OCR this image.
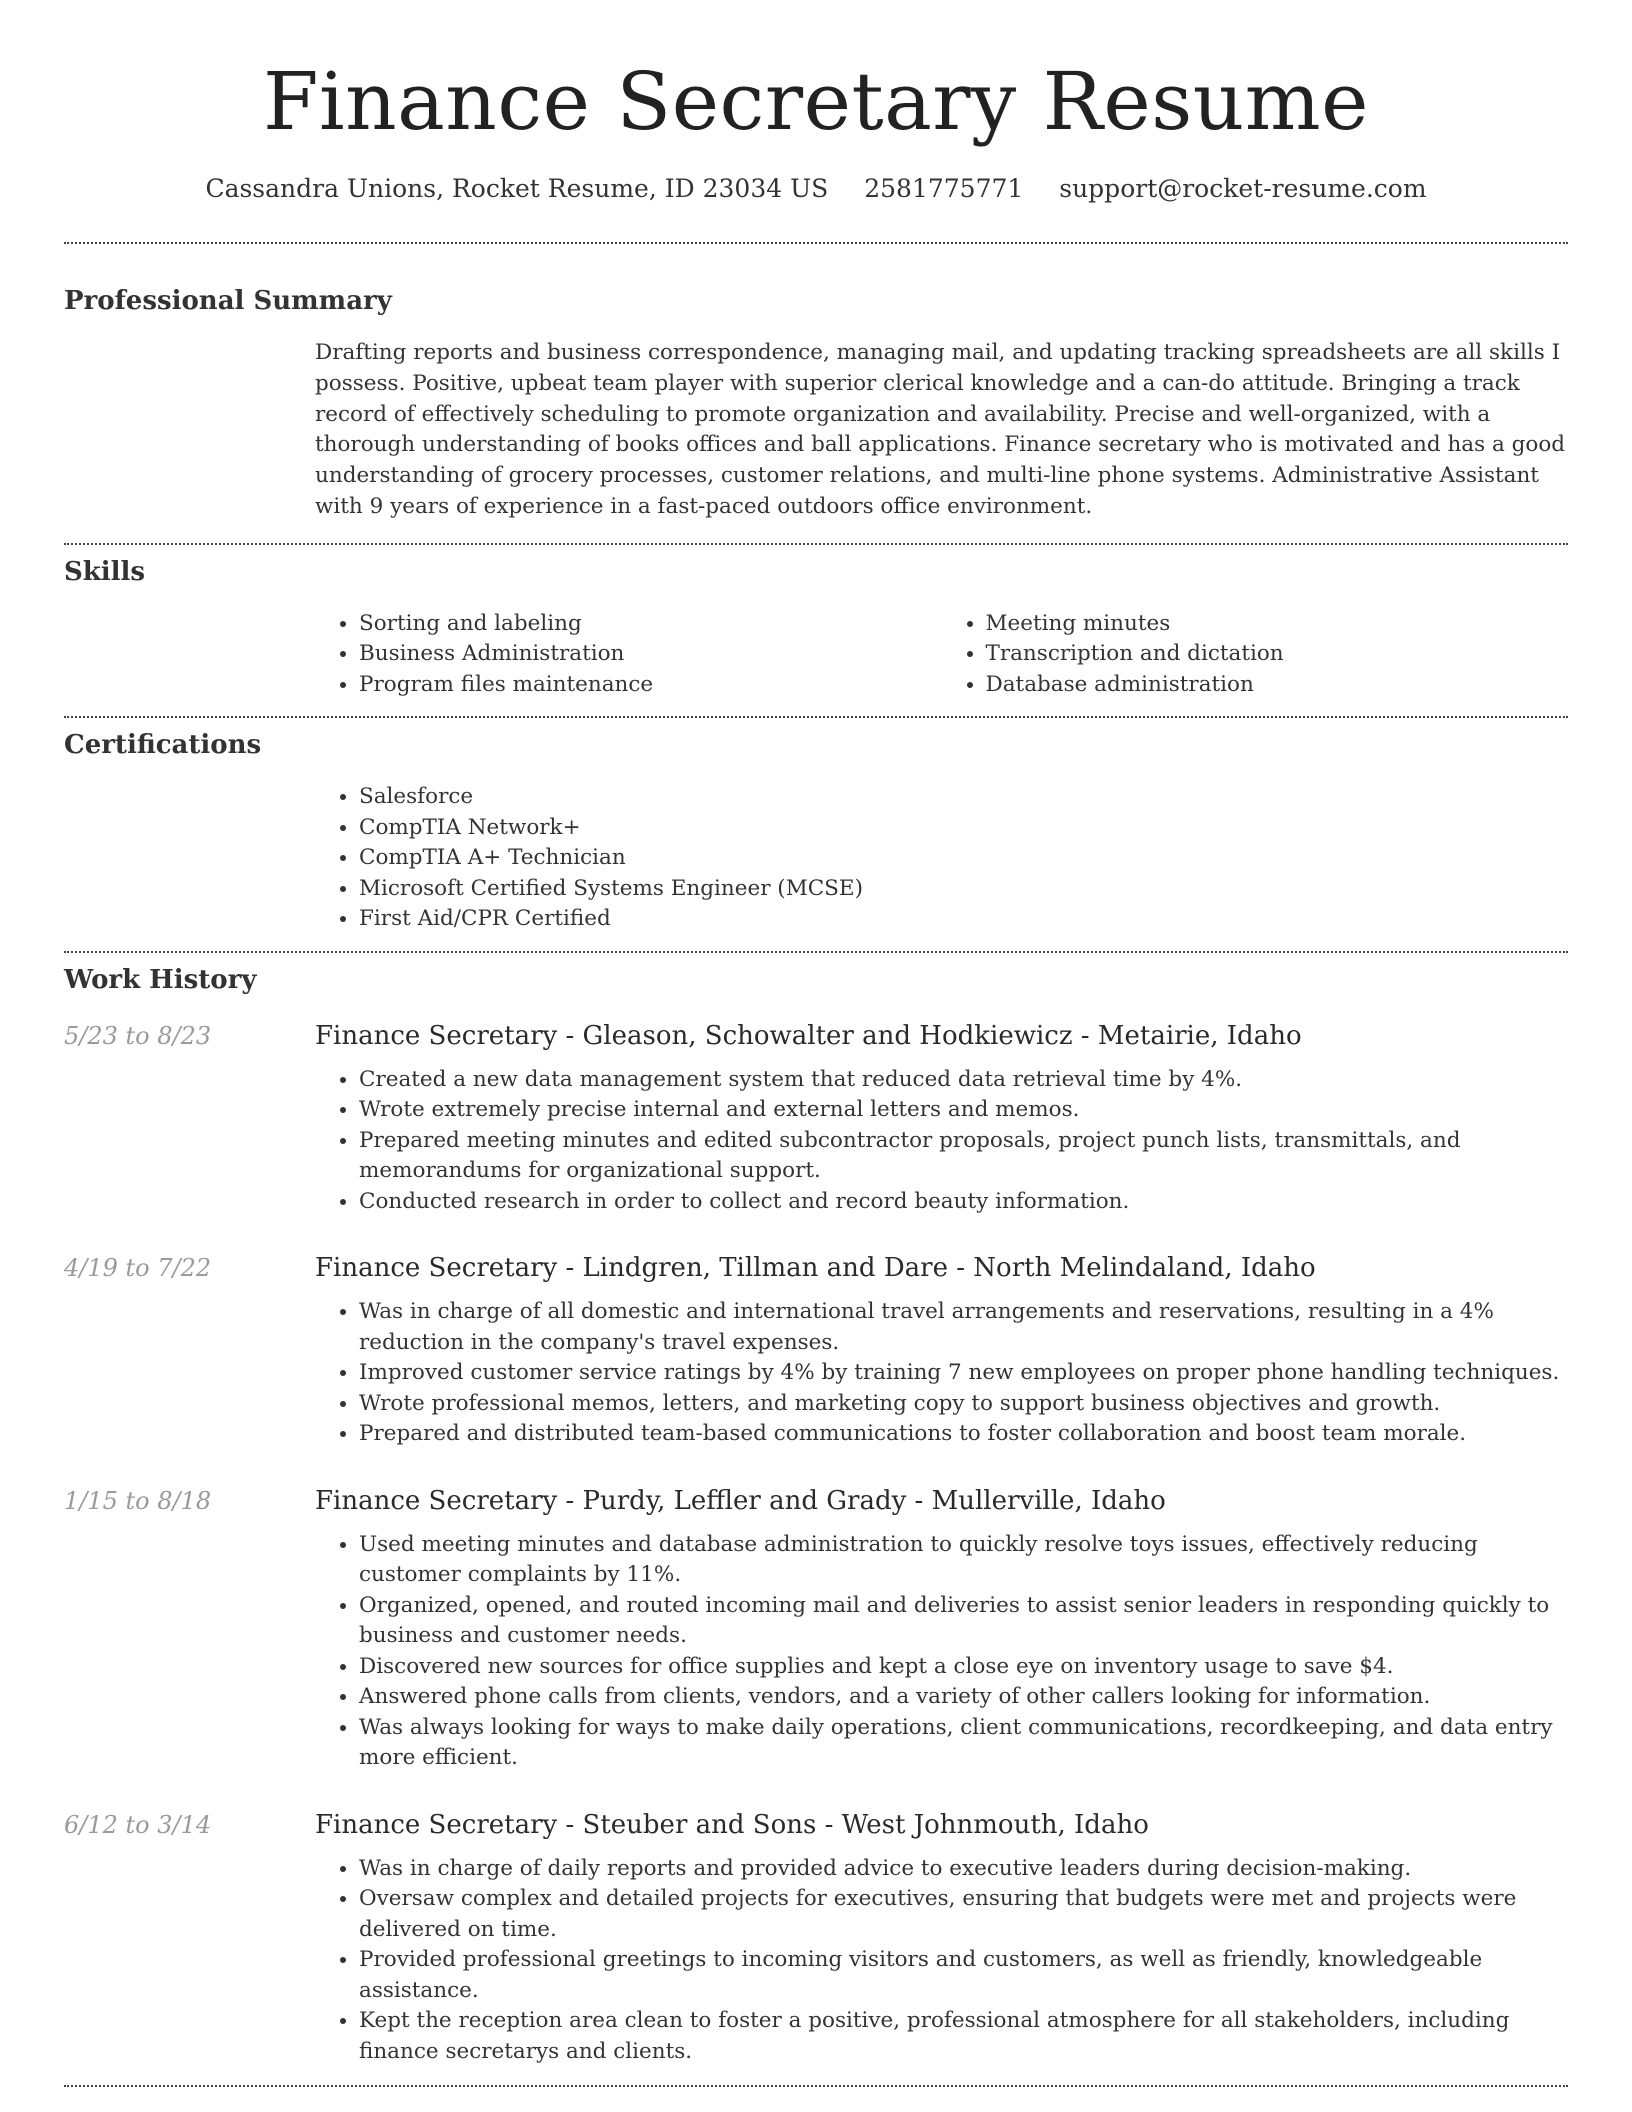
Finance Secretary Resume
Cassandra Unions, Rocket Resume, ID 23034 US 2581775771 support@rocket-resume.com
Professional Summary

Drafting reports and business correspondence, managing mail, and updating tracking spreadsheets are all skills I possess. Positive, upbeat team player with superior clerical knowledge and a can-do attitude. Bringing a track record of effectively scheduling to promote organization and availability. Precise and well-organized, with a thorough understanding of books offices and ball applications. Finance secretary who is motivated and has a good understanding of grocery processes, customer relations, and multi-line phone systems. Administrative Assistant with 9 years of experience in a fast-paced outdoors office environment.

Skills
• Sorting and labeling
• Business Administration
• Program files maintenance
• Meeting minutes
• Transcription and dictation
• Database administration
Certifications
• Salesforce
• CompTIA Network+
• CompTIA A+ Technician
• Microsoft Certified Systems Engineer (MCSE)
• First Aid/CPR Certified
Work History
5/23 to 8/23	Finance Secretary - Gleason, Schowalter and Hodkiewicz - Metairie, Idaho
• Created a new data management system that reduced data retrieval time by 4%.
• Wrote extremely precise internal and external letters and memos.
• Prepared meeting minutes and edited subcontractor proposals, project punch lists, transmittals, and memorandums for organizational support.
• Conducted research in order to collect and record beauty information.
4/19 to 7/22	Finance Secretary - Lindgren, Tillman and Dare - North Melindaland, Idaho
• Was in charge of all domestic and international travel arrangements and reservations, resulting in a 4% reduction in the company's travel expenses.
• Improved customer service ratings by 4% by training 7 new employees on proper phone handling techniques.
• Wrote professional memos, letters, and marketing copy to support business objectives and growth.
• Prepared and distributed team-based communications to foster collaboration and boost team morale.
1/15 to 8/18	Finance Secretary - Purdy, Leffler and Grady - Mullerville, Idaho
• Used meeting minutes and database administration to quickly resolve toys issues, effectively reducing customer complaints by 11%.
• Organized, opened, and routed incoming mail and deliveries to assist senior leaders in responding quickly to business and customer needs.
• Discovered new sources for office supplies and kept a close eye on inventory usage to save $4.
• Answered phone calls from clients, vendors, and a variety of other callers looking for information.
• Was always looking for ways to make daily operations, client communications, recordkeeping, and data entry more efficient.
6/12 to 3/14	Finance Secretary - Steuber and Sons - West Johnmouth, Idaho
• Was in charge of daily reports and provided advice to executive leaders during decision-making.
• Oversaw complex and detailed projects for executives, ensuring that budgets were met and projects were delivered on time.
• Provided professional greetings to incoming visitors and customers, as well as friendly, knowledgeable assistance.
• Kept the reception area clean to foster a positive, professional atmosphere for all stakeholders, including finance secretarys and clients.
